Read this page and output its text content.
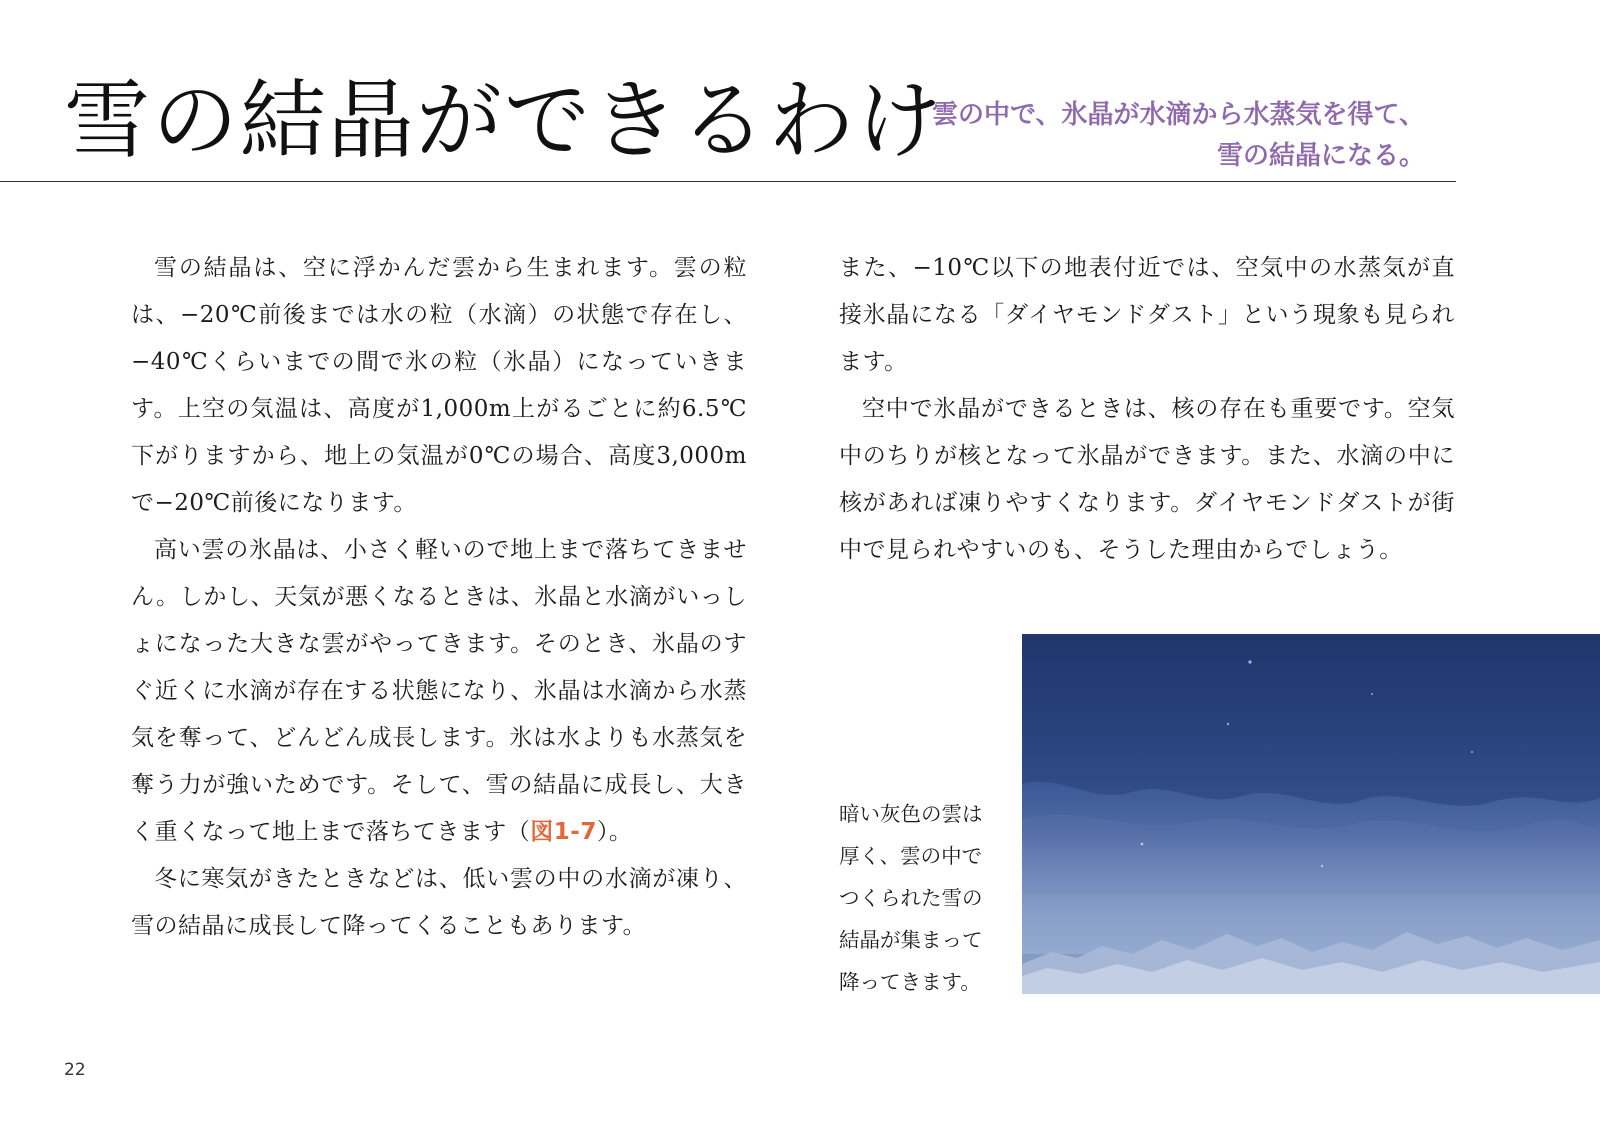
雪の結晶ができるわけ
雲の中で、氷晶が水滴から水蒸気を得て、
雪の結晶になる。

雪の結晶は、空に浮かんだ雲から生まれます。雲の粒は、−20℃前後までは水の粒（水滴）の状態で存在し、−40℃くらいまでの間で氷の粒（氷晶）になっていきます。上空の気温は、高度が1,000m上がるごとに約6.5℃下がりますから、地上の気温が0℃の場合、高度3,000mで−20℃前後になります。

高い雲の氷晶は、小さく軽いので地上まで落ちてきません。しかし、天気が悪くなるときは、氷晶と水滴がいっしょになった大きな雲がやってきます。そのとき、氷晶のすぐ近くに水滴が存在する状態になり、氷晶は水滴から水蒸気を奪って、どんどん成長します。氷は水よりも水蒸気を奪う力が強いためです。そして、雪の結晶に成長し、大きく重くなって地上まで落ちてきます（図1-7）。

冬に寒気がきたときなどは、低い雲の中の水滴が凍り、雪の結晶に成長して降ってくることもあります。

また、−10℃以下の地表付近では、空気中の水蒸気が直接氷晶になる「ダイヤモンドダスト」という現象も見られます。

空中で氷晶ができるときは、核の存在も重要です。空気中のちりが核となって氷晶ができます。また、水滴の中に核があれば凍りやすくなります。ダイヤモンドダストが街中で見られやすいのも、そうした理由からでしょう。

暗い灰色の雲は
厚く、雲の中で
つくられた雪の
結晶が集まって
降ってきます。
22
